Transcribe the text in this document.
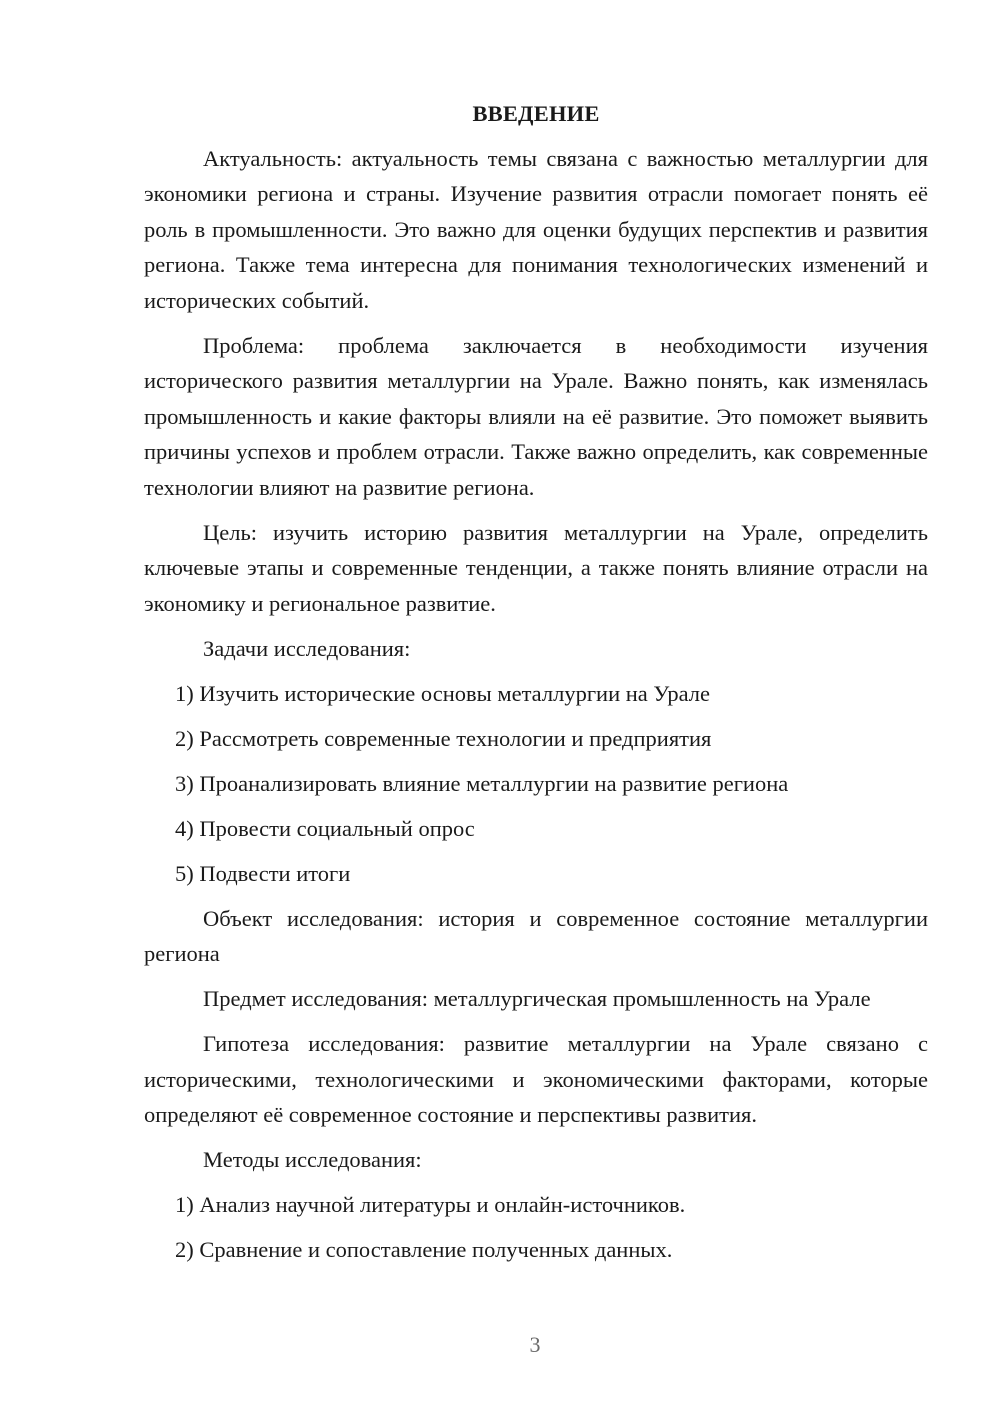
ВВЕДЕНИЕ

Актуальность: актуальность темы связана с важностью металлургии для экономики региона и страны. Изучение развития отрасли помогает понять её роль в промышленности. Это важно для оценки будущих перспектив и развития региона. Также тема интересна для понимания технологических изменений и исторических событий.

Проблема: проблема заключается в необходимости изучения исторического развития металлургии на Урале. Важно понять, как изменялась промышленность и какие факторы влияли на её развитие. Это поможет выявить причины успехов и проблем отрасли. Также важно определить, как современные технологии влияют на развитие региона.

Цель: изучить историю развития металлургии на Урале, определить ключевые этапы и современные тенденции, а также понять влияние отрасли на экономику и региональное развитие.

Задачи исследования:

1) Изучить исторические основы металлургии на Урале

2) Рассмотреть современные технологии и предприятия

3) Проанализировать влияние металлургии на развитие региона

4) Провести социальный опрос

5) Подвести итоги

Объект исследования: история и современное состояние металлургии региона

Предмет исследования: металлургическая промышленность на Урале

Гипотеза исследования: развитие металлургии на Урале связано с историческими, технологическими и экономическими факторами, которые определяют её современное состояние и перспективы развития.

Методы исследования:

1) Анализ научной литературы и онлайн-источников.

2) Сравнение и сопоставление полученных данных.

3
